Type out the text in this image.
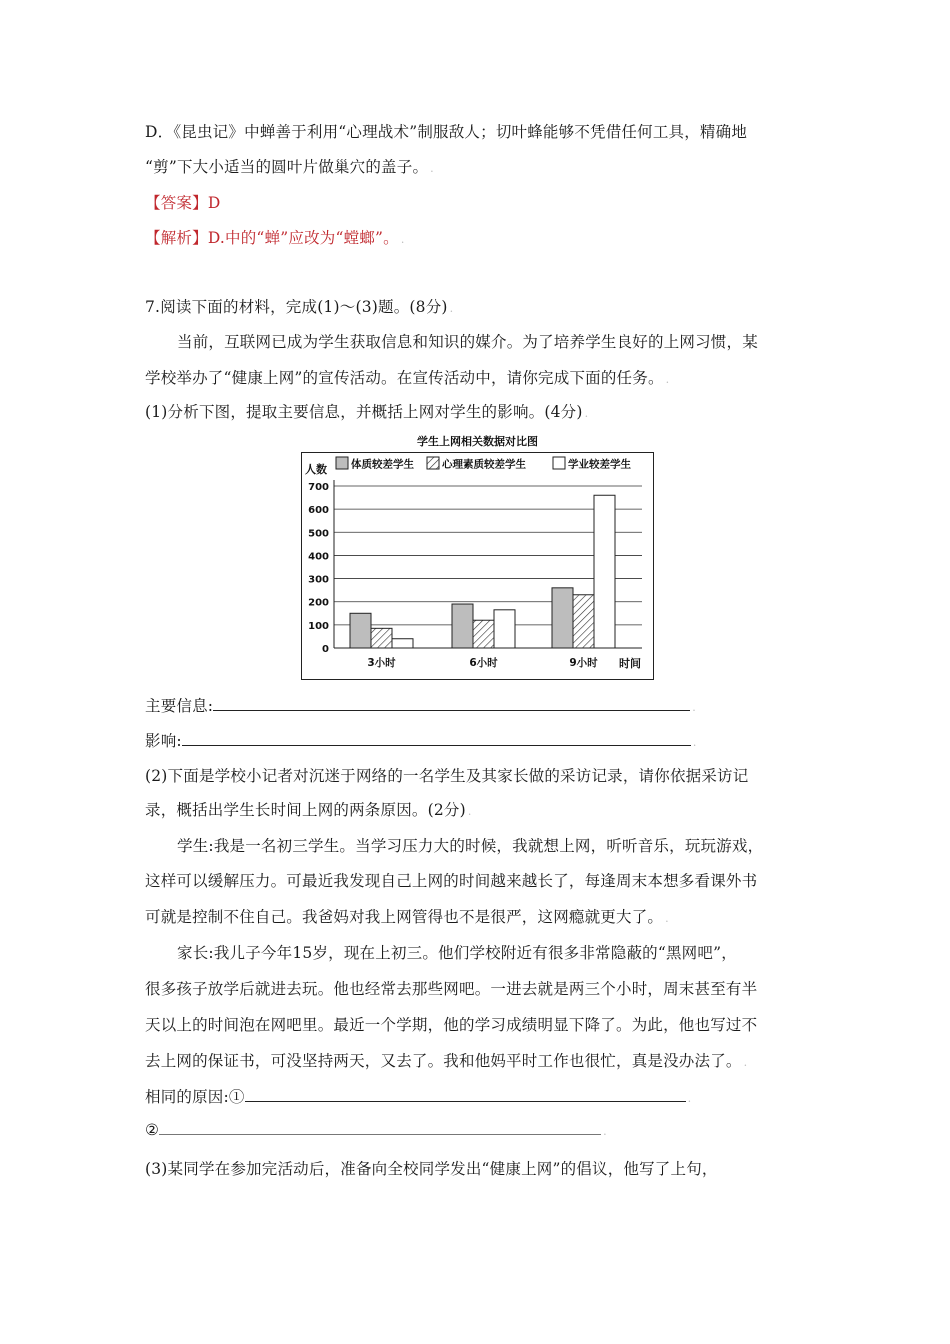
D．《昆虫记》中蝉善于利用“心理战术”制服敌人；切叶蜂能够不凭借任何工具，精确地
“剪”下大小适当的圆叶片做巢穴的盖子。 .
【答案】D
【解析】D.中的“蝉”应改为“螳螂”。 .
7.阅读下面的材料，完成(1)～(3)题。(8分) .
当前，互联网已成为学生获取信息和知识的媒介。为了培养学生良好的上网习惯，某
学校举办了“健康上网”的宣传活动。在宣传活动中，请你完成下面的任务。 .
(1)分析下图，提取主要信息，并概括上网对学生的影响。(4分) .
学生上网相关数据对比图
0
100
200
300
400
500
600
700
人数
时间
体质较差学生	心理素质较差学生	学业较差学生
3小时	6小时	9小时
主要信息:	.
影响:	.
(2)下面是学校小记者对沉迷于网络的一名学生及其家长做的采访记录，请你依据采访记
录，概括出学生长时间上网的两条原因。(2分) .
学生:我是一名初三学生。当学习压力大的时候，我就想上网，听听音乐，玩玩游戏，
这样可以缓解压力。可最近我发现自己上网的时间越来越长了，每逢周末本想多看课外书
可就是控制不住自己。我爸妈对我上网管得也不是很严，这网瘾就更大了。 .
家长:我儿子今年15岁，现在上初三。他们学校附近有很多非常隐蔽的“黑网吧”，
很多孩子放学后就进去玩。他也经常去那些网吧。一进去就是两三个小时，周末甚至有半
天以上的时间泡在网吧里。最近一个学期，他的学习成绩明显下降了。为此，他也写过不
去上网的保证书，可没坚持两天，又去了。我和他妈平时工作也很忙，真是没办法了。 .
相同的原因:①	.
②	.
(3)某同学在参加完活动后，准备向全校同学发出“健康上网”的倡议，他写了上句，
